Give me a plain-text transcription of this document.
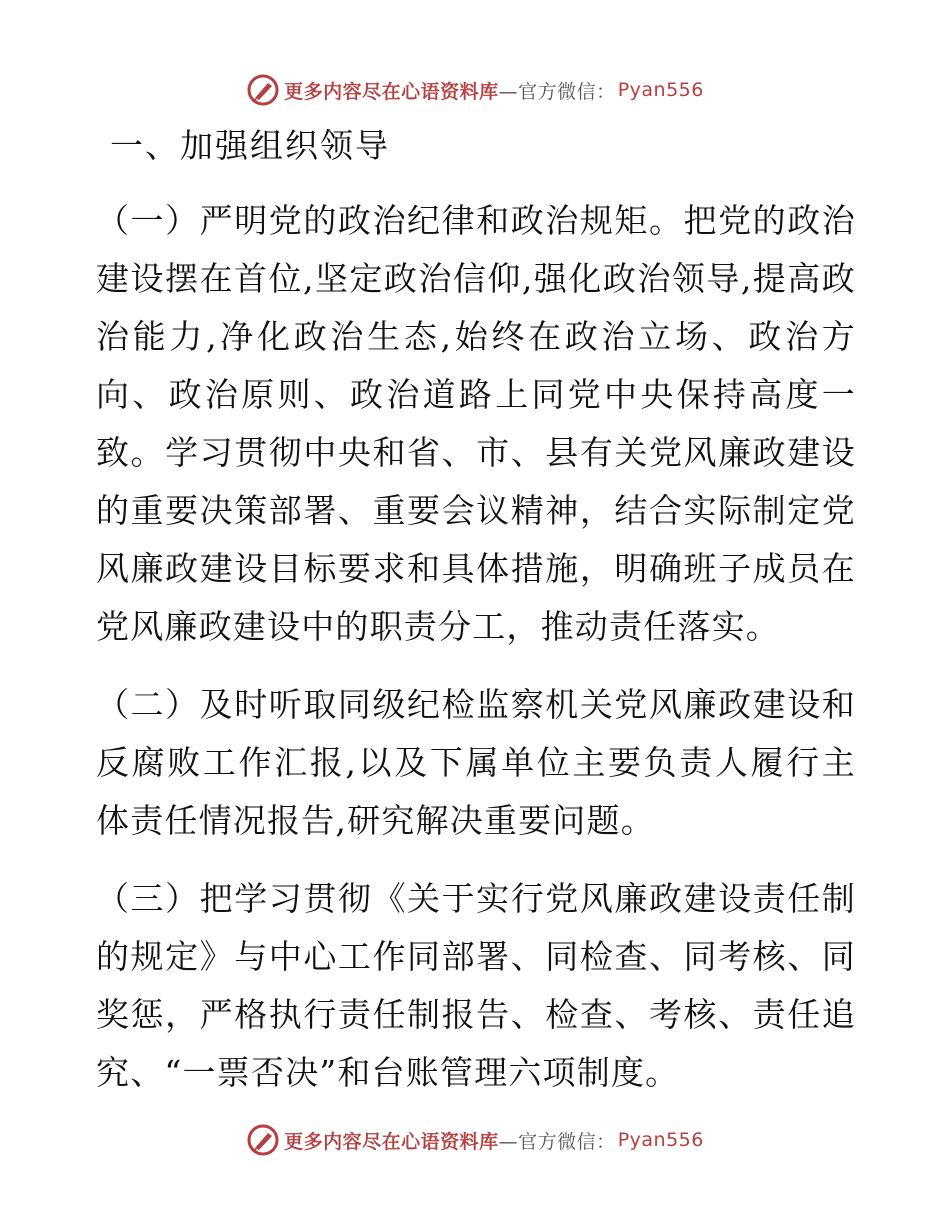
更多内容尽在心语资料库 —官方微信： Pyan556
一、加强组织领导

（一）严明党的政治纪律和政治规矩。把党的政治建设摆在首位,坚定政治信仰,强化政治领导,提高政治能力,净化政治生态,始终在政治立场、政治方向、政治原则、政治道路上同党中央保持高度一致。学习贯彻中央和省、市、县有关党风廉政建设的重要决策部署、重要会议精神，结合实际制定党风廉政建设目标要求和具体措施，明确班子成员在党风廉政建设中的职责分工，推动责任落实。

（二）及时听取同级纪检监察机关党风廉政建设和反腐败工作汇报,以及下属单位主要负责人履行主体责任情况报告,研究解决重要问题。

（三）把学习贯彻《关于实行党风廉政建设责任制的规定》与中心工作同部署、同检查、同考核、同奖惩，严格执行责任制报告、检查、考核、责任追究、“一票否决”和台账管理六项制度。

更多内容尽在心语资料库 —官方微信： Pyan556
